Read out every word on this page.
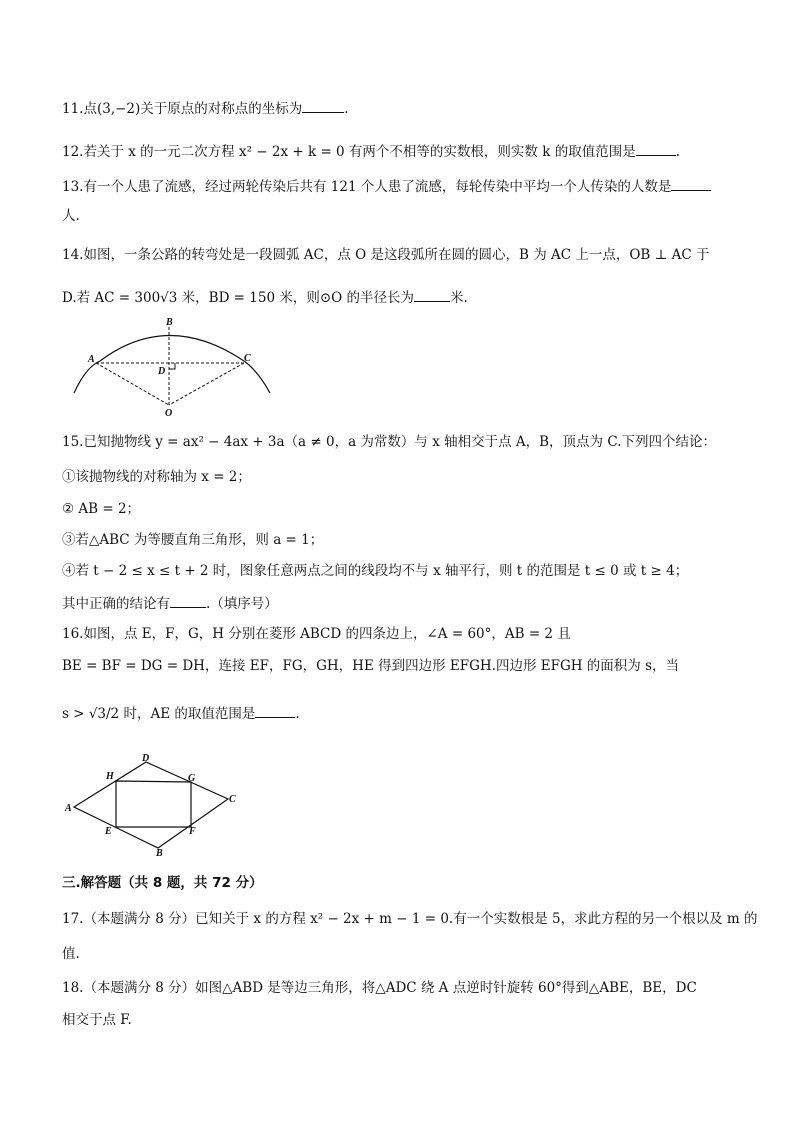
11.点(3,−2)关于原点的对称点的坐标为	.
12.若关于 x 的一元二次方程 x² − 2x + k = 0 有两个不相等的实数根，则实数 k 的取值范围是	.
13.有一个人患了流感，经过两轮传染后共有 121 个人患了流感，每轮传染中平均一个人传染的人数是
人.
14.如图，一条公路的转弯处是一段圆弧 AC，点 O 是这段弧所在圆的圆心，B 为 AC 上一点，OB ⊥ AC 于
D.若 AC = 300√3 米，BD = 150 米，则⊙O 的半径长为	米.
B
A	C
D
O
15.已知抛物线 y = ax² − 4ax + 3a（a ≠ 0，a 为常数）与 x 轴相交于点 A，B，顶点为 C.下列四个结论：
①该抛物线的对称轴为 x = 2；
② AB = 2；
③若△ABC 为等腰直角三角形，则 a = 1；
④若 t − 2 ≤ x ≤ t + 2 时，图象任意两点之间的线段均不与 x 轴平行，则 t 的范围是 t ≤ 0 或 t ≥ 4；
其中正确的结论有	.（填序号）
16.如图，点 E，F，G，H 分别在菱形 ABCD 的四条边上，∠A = 60°，AB = 2 且
BE = BF = DG = DH，连接 EF，FG，GH，HE 得到四边形 EFGH.四边形 EFGH 的面积为 s，当
s > √3/2 时，AE 的取值范围是	.
D
H	G
A
C
E	F
B
三.解答题（共 8 题，共 72 分）
17.（本题满分 8 分）已知关于 x 的方程 x² − 2x + m − 1 = 0.有一个实数根是 5，求此方程的另一个根以及 m 的
值.
18.（本题满分 8 分）如图△ABD 是等边三角形，将△ADC 绕 A 点逆时针旋转 60°得到△ABE，BE，DC
相交于点 F.
